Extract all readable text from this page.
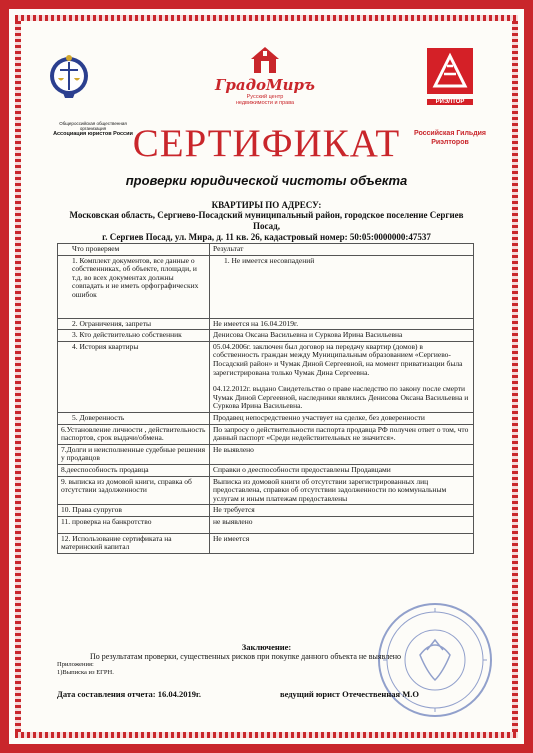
Общероссийская общественная организация
Ассоциация юристов России
ГрадоМиръ
Русский центр
недвижимости и права	РИЭЛТОР
Российская Гильдия
Риэлторов
СЕРТИФИКАТ
проверки юридической чистоты объекта
КВАРТИРЫ ПО АДРЕСУ:
Московская область, Сергиево-Посадский муниципальный район, городское поселение Сергиев Посад,
г. Сергиев Посад, ул. Мира, д. 11 кв. 26, кадастровый номер: 50:05:0000000:47537
Что проверяем	Результат
1. Комплект документов, все данные о собственниках, об объекте, площади, и т.д. во всех документах должны совпадать и не иметь орфографических ошибок	1. Не имеется несовпадений
2. Ограничения, запреты	Не имеется на 16.04.2019г.
3. Кто действительно собственник	Денисова Оксана Васильевна и Суркова Ирина Васильевна
4. История квартиры	05.04.2006г. заключен был договор на передачу квартир (домов) в собственность граждан между Муниципальным образованием «Сергиево-Посадский район» и Чумак Диной Сергеевной, на момент приватизации была зарегистрирована только Чумак Дина Сергеевна.
04.12.2012г. выдано Свидетельство о праве наследство по закону после смерти Чумак Диной Сергеевной, наследники являлись Денисова Оксана Васильевна и Суркова Ирина Васильевна.

5. Доверенность	Продавец непосредственно участвует на сделке, без доверенности
6.Установление личности , действительность паспортов, срок выдачи/обмена.	По запросу о действительности паспорта продавца РФ получен ответ о том, что данный паспорт «Среди недействительных не значится».
7.Долги и неисполненные судебные решения у продавцов	Не выявлено
8.дееспособность продавца	Справки о дееспособности предоставлены Продавцами
9. выписка из домовой книги, справка об отсутствии задолженности	Выписка из домовой книги об отсутствии зарегистрированных лиц предоставлена, справки об отсутствии задолженности по коммунальным услугам и иным платежам предоставлены
10. Права супругов	Не требуется
11. проверка на банкротство	не выявлено
12. Использование сертификата на материнский капитал	Не имеется
Заключение:
По результатам проверки, существенных рисков при покупке данного объекта не выявлено
Приложения:
1)Выписка из ЕГРН.
Дата составления отчета: 16.04.2019г.	ведущий юрист Отечественная М.О
